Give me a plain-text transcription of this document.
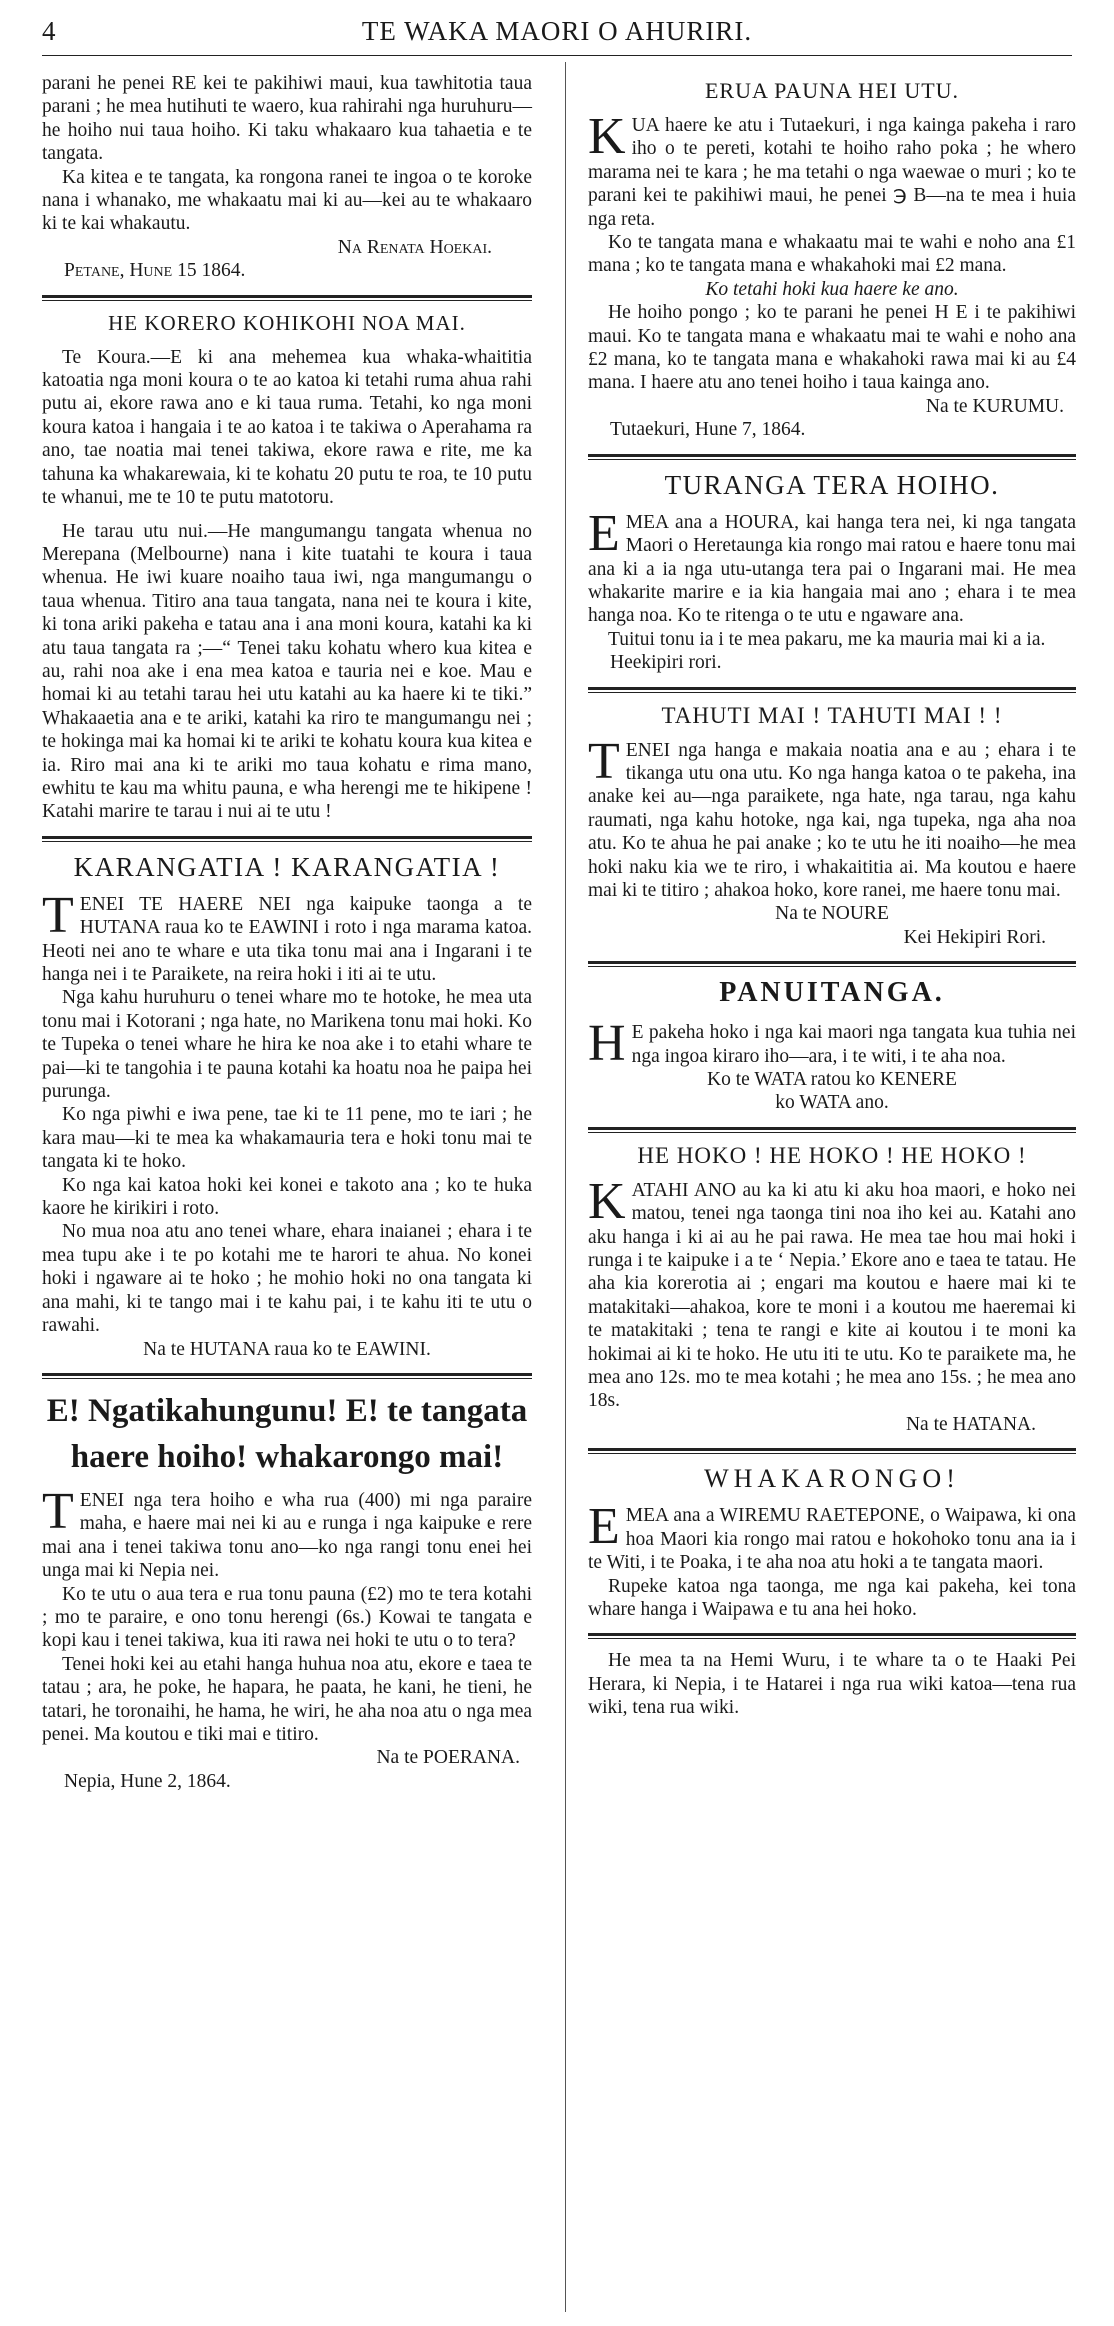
4	TE WAKA MAORI O AHURIRI.

parani he penei RE kei te pakihiwi maui, kua tawhitotia taua parani ; he mea hutihuti te waero, kua rahirahi nga huruhuru—he hoiho nui taua hoiho. Ki taku whakaaro kua tahaetia e te tangata.

Ka kitea e te tangata, ka rongona ranei te ingoa o te koroke nana i whanako, me whakaatu mai ki au—kei au te whakaaro ki te kai whakautu.

Na Renata Hoekai.
Petane, Hune 15 1864.
HE KORERO KOHIKOHI NOA MAI.

Te Koura.—E ki ana mehemea kua whaka-whaititia katoatia nga moni koura o te ao katoa ki tetahi ruma ahua rahi putu ai, ekore rawa ano e ki taua ruma. Tetahi, ko nga moni koura katoa i hangaia i te ao katoa i te takiwa o Aperahama ra ano, tae noatia mai tenei takiwa, ekore rawa e rite, me ka tahuna ka whakarewaia, ki te kohatu 20 putu te roa, te 10 putu te whanui, me te 10 te putu matotoru.

He tarau utu nui.—He mangumangu tangata whenua no Merepana (Melbourne) nana i kite tuatahi te koura i taua whenua. He iwi kuare noaiho taua iwi, nga mangumangu o taua whenua. Titiro ana taua tangata, nana nei te koura i kite, ki tona ariki pakeha e tatau ana i ana moni koura, katahi ka ki atu taua tangata ra ;—“ Tenei taku kohatu whero kua kitea e au, rahi noa ake i ena mea katoa e tauria nei e koe. Mau e homai ki au tetahi tarau hei utu katahi au ka haere ki te tiki.” Whakaaetia ana e te ariki, katahi ka riro te mangumangu nei ; te hokinga mai ka homai ki te ariki te kohatu koura kua kitea e ia. Riro mai ana ki te ariki mo taua kohatu e rima mano, ewhitu te kau ma whitu pauna, e wha herengi me te hikipene ! Katahi marire te tarau i nui ai te utu !

KARANGATIA ! KARANGATIA !

TENEI TE HAERE NEI nga kaipuke taonga a te HUTANA raua ko te EAWINI i roto i nga marama katoa. Heoti nei ano te whare e uta tika tonu mai ana i Ingarani i te hanga nei i te Paraikete, na reira hoki i iti ai te utu.

Nga kahu huruhuru o tenei whare mo te hotoke, he mea uta tonu mai i Kotorani ; nga hate, no Marikena tonu mai hoki. Ko te Tupeka o tenei whare he hira ke noa ake i to etahi whare te pai—ki te tangohia i te pauna kotahi ka hoatu noa he paipa hei purunga.

Ko nga piwhi e iwa pene, tae ki te 11 pene, mo te iari ; he kara mau—ki te mea ka whakamauria tera e hoki tonu mai te tangata ki te hoko.

Ko nga kai katoa hoki kei konei e takoto ana ; ko te huka kaore he kirikiri i roto.

No mua noa atu ano tenei whare, ehara inaianei ; ehara i te mea tupu ake i te po kotahi me te harori te ahua. No konei hoki i ngaware ai te hoko ; he mohio hoki no ona tangata ki ana mahi, ki te tango mai i te kahu pai, i te kahu iti te utu o rawahi.

Na te HUTANA raua ko te EAWINI.
E! Ngatikahungunu! E! te tangata
haere hoiho! whakarongo mai!

TENEI nga tera hoiho e wha rua (400) mi nga paraire maha, e haere mai nei ki au e runga i nga kaipuke e rere mai ana i tenei takiwa tonu ano—ko nga rangi tonu enei hei unga mai ki Nepia nei.

Ko te utu o aua tera e rua tonu pauna (£2) mo te tera kotahi ; mo te paraire, e ono tonu herengi (6s.) Kowai te tangata e kopi kau i tenei takiwa, kua iti rawa nei hoki te utu o to tera?

Tenei hoki kei au etahi hanga huhua noa atu, ekore e taea te tatau ; ara, he poke, he hapara, he paata, he kani, he tieni, he tatari, he toronaihi, he hama, he wiri, he aha noa atu o nga mea penei. Ma koutou e tiki mai e titiro.

Na te POERANA.
Nepia, Hune 2, 1864.
ERUA PAUNA HEI UTU.

KUA haere ke atu i Tutaekuri, i nga kainga pakeha i raro iho o te pereti, kotahi te hoiho raho poka ; he whero marama nei te kara ; he ma tetahi o nga waewae o muri ; ko te parani kei te pakihiwi maui, he penei ℈ B—na te mea i huia nga reta.

Ko te tangata mana e whakaatu mai te wahi e noho ana £1 mana ; ko te tangata mana e whakahoki mai £2 mana.

Ko tetahi hoki kua haere ke ano.

He hoiho pongo ; ko te parani he penei H E i te pakihiwi maui. Ko te tangata mana e whakaatu mai te wahi e noho ana £2 mana, ko te tangata mana e whakahoki rawa mai ki au £4 mana. I haere atu ano tenei hoiho i taua kainga ano.

Na te KURUMU.
Tutaekuri, Hune 7, 1864.
TURANGA TERA HOIHO.

EMEA ana a HOURA, kai hanga tera nei, ki nga tangata Maori o Heretaunga kia rongo mai ratou e haere tonu mai ana ki a ia nga utu-utanga tera pai o Ingarani mai. He mea whakarite marire e ia kia hangaia mai ano ; ehara i te mea hanga noa. Ko te ritenga o te utu e ngaware ana.

Tuitui tonu ia i te mea pakaru, me ka mauria mai ki a ia.

Heekipiri rori.
TAHUTI MAI ! TAHUTI MAI ! !

TENEI nga hanga e makaia noatia ana e au ; ehara i te tikanga utu ona utu. Ko nga hanga katoa o te pakeha, ina anake kei au—nga paraikete, nga hate, nga tarau, nga kahu raumati, nga kahu hotoke, nga kai, nga tupeka, nga aha noa atu. Ko te ahua he pai anake ; ko te utu he iti noaiho—he mea hoki naku kia we te riro, i whakaititia ai. Ma koutou e haere mai ki te titiro ; ahakoa hoko, kore ranei, me haere tonu mai.

Na te NOURE
Kei Hekipiri Rori.
PANUITANGA.

H E pakeha hoko i nga kai maori nga tangata kua tuhia nei nga ingoa kiraro iho—ara, i te witi, i te aha noa.

Ko te WATA ratou ko KENERE
ko WATA ano.
HE HOKO ! HE HOKO ! HE HOKO !

KATAHI ANO au ka ki atu ki aku hoa maori, e hoko nei matou, tenei nga taonga tini noa iho kei au. Katahi ano aku hanga i ki ai au he pai rawa. He mea tae hou mai hoki i runga i te kaipuke i a te ‘ Nepia.’ Ekore ano e taea te tatau. He aha kia korerotia ai ; engari ma koutou e haere mai ki te matakitaki—ahakoa, kore te moni i a koutou me haeremai ki te matakitaki ; tena te rangi e kite ai koutou i te moni ka hokimai ai ki te hoko. He utu iti te utu. Ko te paraikete ma, he mea ano 12s. mo te mea kotahi ; he mea ano 15s. ; he mea ano 18s.

Na te HATANA.
WHAKARONGO!

EMEA ana a WIREMU RAETEPONE, o Waipawa, ki ona hoa Maori kia rongo mai ratou e hokohoko tonu ana ia i te Witi, i te Poaka, i te aha noa atu hoki a te tangata maori.

Rupeke katoa nga taonga, me nga kai pakeha, kei tona whare hanga i Waipawa e tu ana hei hoko.

He mea ta na Hemi Wuru, i te whare ta o te Haaki Pei Herara, ki Nepia, i te Hatarei i nga rua wiki katoa—tena rua wiki, tena rua wiki.
